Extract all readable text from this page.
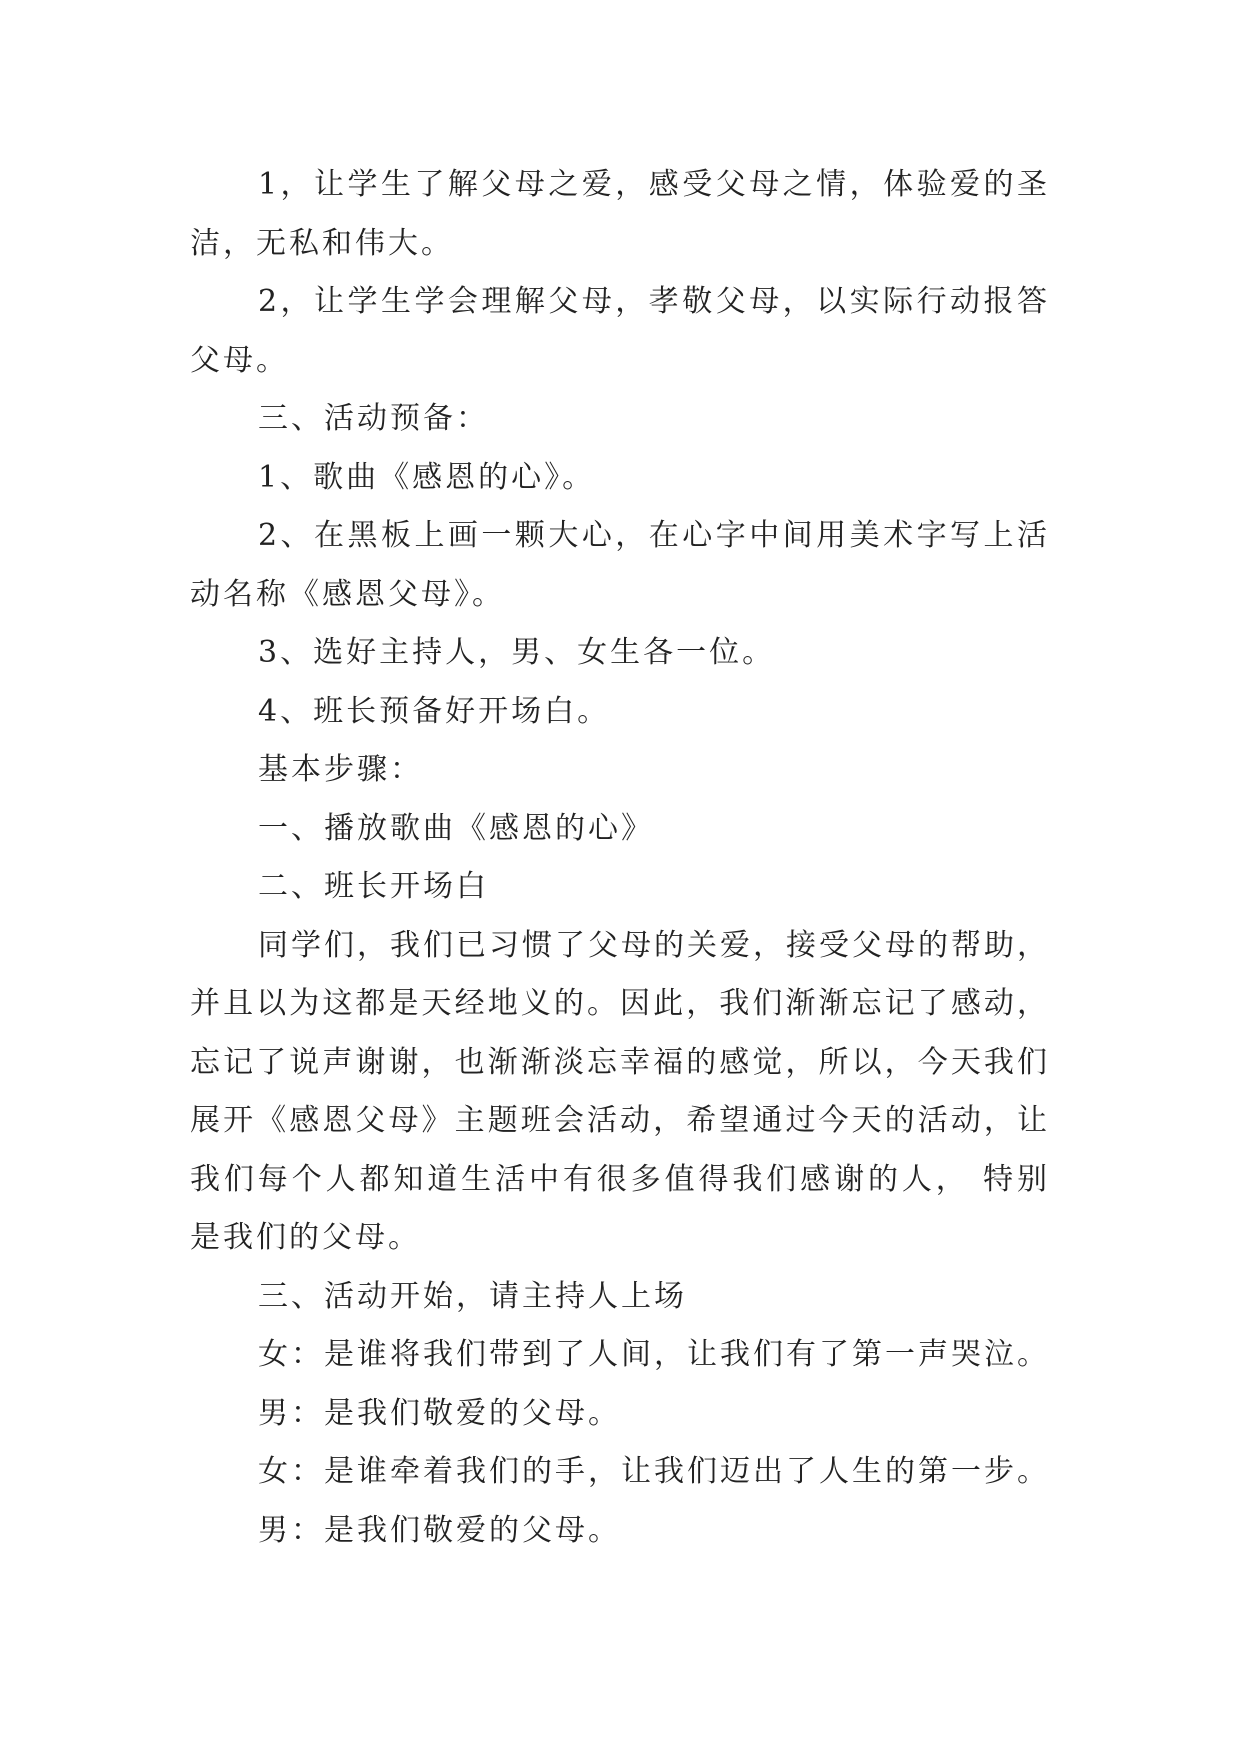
1，让学生了解父母之爱，感受父母之情，体验爱的圣洁，无私和伟大。

2，让学生学会理解父母，孝敬父母，以实际行动报答父母。

三、活动预备：

1、歌曲《感恩的心》。

2、在黑板上画一颗大心，在心字中间用美术字写上活动名称《感恩父母》。

3、选好主持人，男、女生各一位。

4、班长预备好开场白。

基本步骤：

一、播放歌曲《感恩的心》

二、班长开场白

同学们，我们已习惯了父母的关爱，接受父母的帮助，并且以为这都是天经地义的。因此，我们渐渐忘记了感动，忘记了说声谢谢，也渐渐淡忘幸福的感觉，所以，今天我们展开《感恩父母》主题班会活动，希望通过今天的活动，让我们每个人都知道生活中有很多值得我们感谢的人， 特别是我们的父母。

三、活动开始，请主持人上场

女：是谁将我们带到了人间，让我们有了第一声哭泣。

男：是我们敬爱的父母。

女：是谁牵着我们的手，让我们迈出了人生的第一步。

男：是我们敬爱的父母。
